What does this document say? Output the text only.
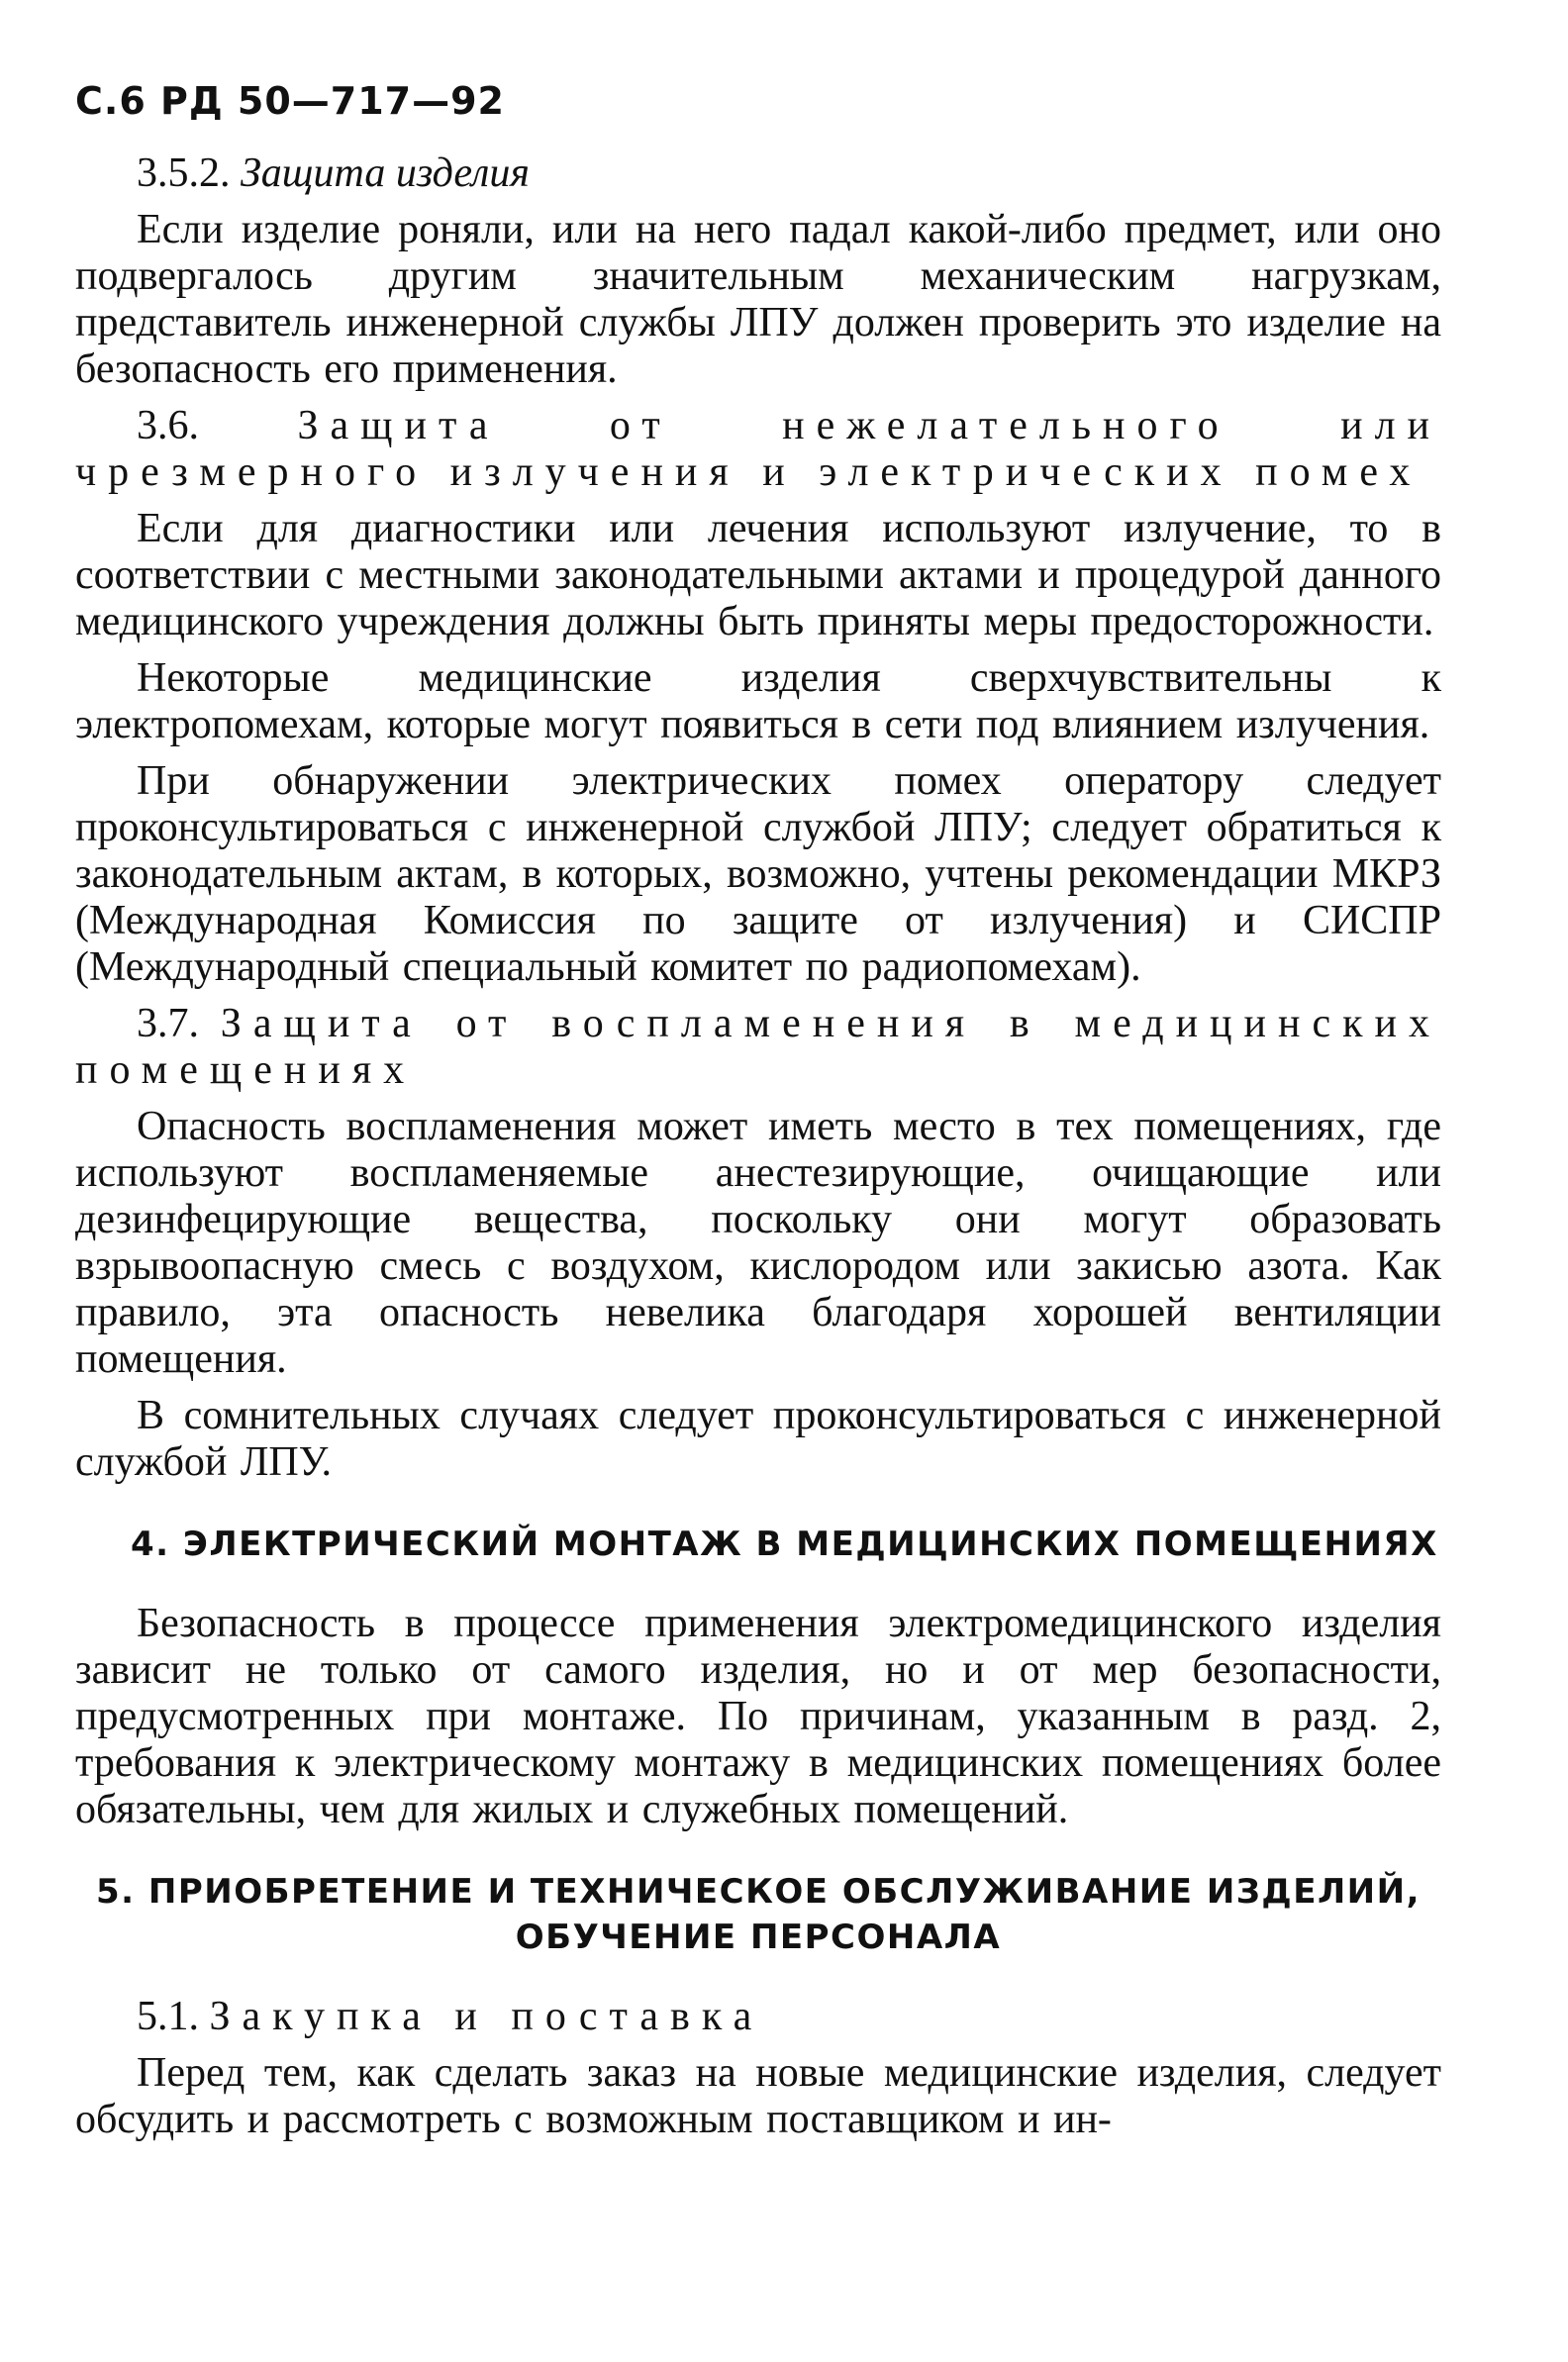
С.6 РД 50—717—92
3.5.2. Защита изделия

Если изделие роняли, или на него падал какой-либо предмет, или оно подвергалось другим значительным механическим нагрузкам, представитель инженерной службы ЛПУ должен проверить это изделие на безопасность его применения.

3.6. Защита от нежелательного или чрезмерного излучения и электрических помех

Если для диагностики или лечения используют излучение, то в соответствии с местными законодательными актами и процедурой данного медицинского учреждения должны быть приняты меры предосторожности.

Некоторые медицинские изделия сверхчувствительны к электропомехам, которые могут появиться в сети под влиянием излучения.

При обнаружении электрических помех оператору следует проконсультироваться с инженерной службой ЛПУ; следует обратиться к законодательным актам, в которых, возможно, учтены рекомендации МКРЗ (Международная Комиссия по защите от излучения) и СИСПР (Международный специальный комитет по радиопомехам).

3.7. Защита от воспламенения в медицинских помещениях

Опасность воспламенения может иметь место в тех помещениях, где используют воспламеняемые анестезирующие, очищающие или дезинфецирующие вещества, поскольку они могут образовать взрывоопасную смесь с воздухом, кислородом или закисью азота. Как правило, эта опасность невелика благодаря хорошей вентиляции помещения.

В сомнительных случаях следует проконсультироваться с инженерной службой ЛПУ.

4. ЭЛЕКТРИЧЕСКИЙ МОНТАЖ В МЕДИЦИНСКИХ ПОМЕЩЕНИЯХ

Безопасность в процессе применения электромедицинского изделия зависит не только от самого изделия, но и от мер безопасности, предусмотренных при монтаже. По причинам, указанным в разд. 2, требования к электрическому монтажу в медицинских помещениях более обязательны, чем для жилых и служебных помещений.

5. ПРИОБРЕТЕНИЕ И ТЕХНИЧЕСКОЕ ОБСЛУЖИВАНИЕ ИЗДЕЛИЙ,
ОБУЧЕНИЕ ПЕРСОНАЛА
5.1. Закупка и поставка

Перед тем, как сделать заказ на новые медицинские изделия, следует обсудить и рассмотреть с возможным поставщиком и ин-
